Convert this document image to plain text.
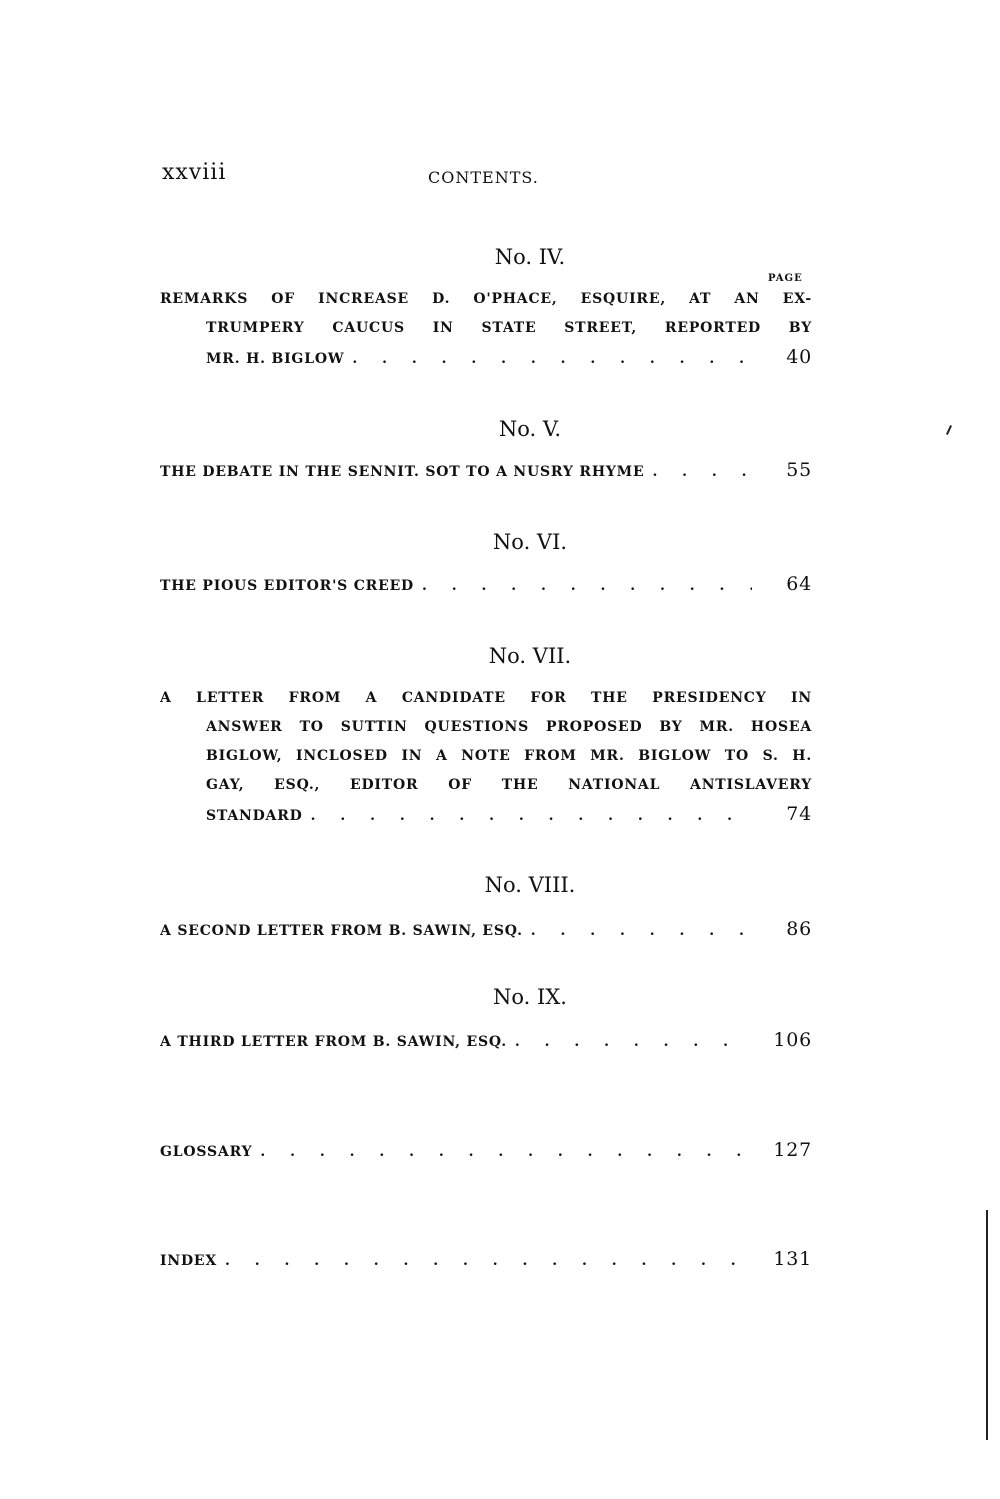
xxviii	CONTENTS.
PAGE
No. IV.
REMARKS OF INCREASE D. O'PHACE, ESQUIRE, AT AN EX-
TRUMPERY CAUCUS IN STATE STREET, REPORTED BY
MR. H. BIGLOW . . .	40
No. V.
THE DEBATE IN THE SENNIT. SOT TO A NUSRY RHYME . . .	55
No. VI.
THE PIOUS EDITOR'S CREED . . .	64
No. VII.
A LETTER FROM A CANDIDATE FOR THE PRESIDENCY IN
ANSWER TO SUTTIN QUESTIONS PROPOSED BY MR. HOSEA
BIGLOW, INCLOSED IN A NOTE FROM MR. BIGLOW TO S. H.
GAY, ESQ., EDITOR OF THE NATIONAL ANTISLAVERY
STANDARD . . .	74
No. VIII.
A SECOND LETTER FROM B. SAWIN, ESQ. . . .	86
No. IX.
A THIRD LETTER FROM B. SAWIN, ESQ. . . .	106
GLOSSARY . . .	127
INDEX . . .	131
